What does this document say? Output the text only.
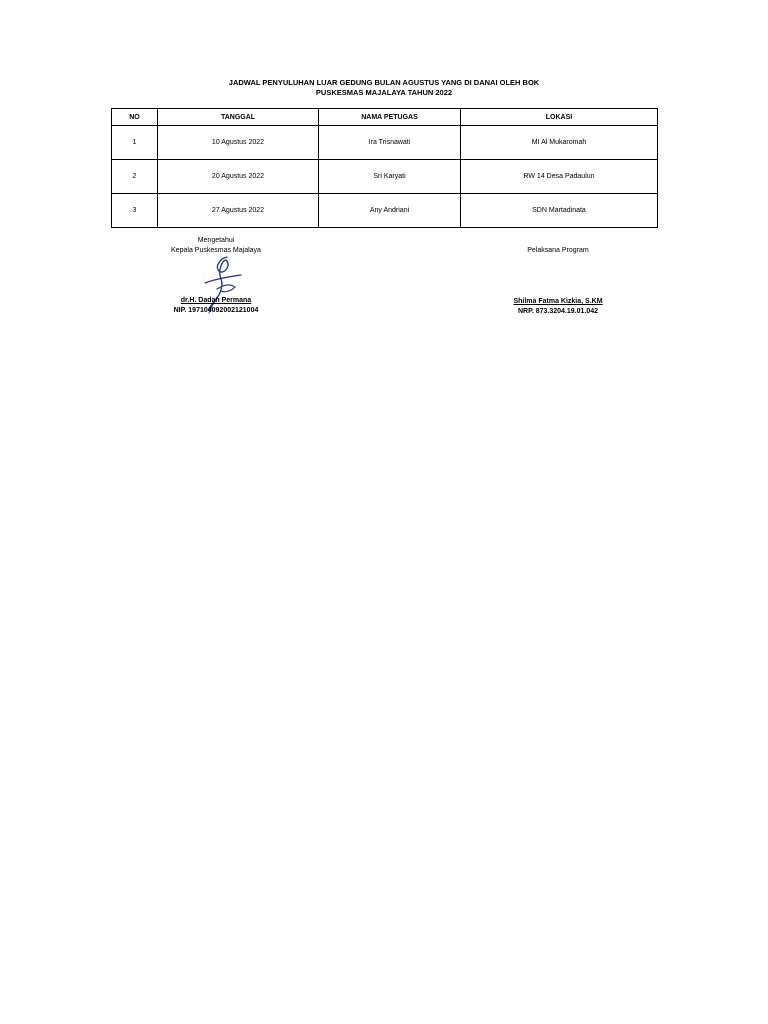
JADWAL PENYULUHAN LUAR GEDUNG BULAN AGUSTUS YANG DI DANAI OLEH BOK
PUSKESMAS MAJALAYA TAHUN 2022
NO	TANGGAL	NAMA PETUGAS	LOKASI
1	10 Agustus 2022	Ira Trisnawati	MI Al Mukaromah
2	20 Agustus 2022	Sri Karyati	RW 14 Desa Padaulun
3	27 Agustus 2022	Any Andriani	SDN Martadinata
Mengetahui
Kepala Puskesmas Majalaya
dr.H. Dadan Permana
NIP. 197104092002121004
Pelaksana Program
Shilma Fatma Kizkia, S.KM
NRP. 873.3204.19.01.042
